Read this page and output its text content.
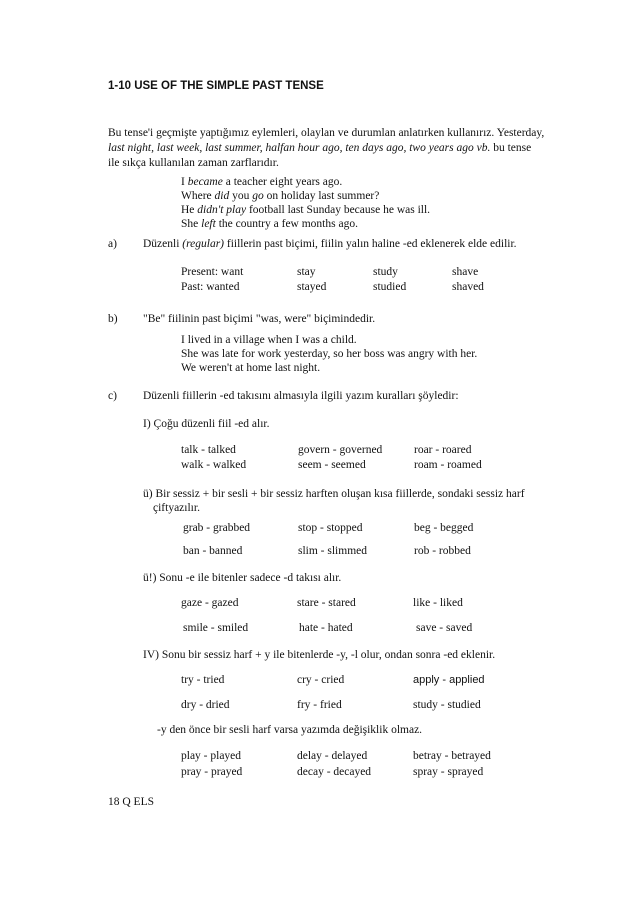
1-10 USE OF THE SIMPLE PAST TENSE
Bu tense'i geçmişte yaptığımız eylemleri, olaylan ve durumlan anlatırken kullanırız. Yesterday, last night, last week, last summer, halfan hour ago, ten days ago, two years ago vb. bu tense
ile sıkça kullanılan zaman zarflarıdır.
I became a teacher eight years ago.
Where did you go on holiday last summer?
He didn't play football last Sunday because he was ill.
She left the country a few months ago.
a) Düzenli (regular) fiillerin past biçimi, fiilin yalın haline -ed eklenerek elde edilir.
Present: want	stay	study	shave
Past: wanted	stayed	studied	shaved
b) "Be" fiilinin past biçimi "was, were" biçimindedir.
I lived in a village when I was a child.
She was late for work yesterday, so her boss was angry with her.
We weren't at home last night.
c) Düzenli fiillerin -ed takısını almasıyla ilgili yazım kuralları şöyledir:
I) Çoğu düzenli fiil -ed alır.
talk - talked	govern - governed	roar - roared
walk - walked	seem - seemed	roam - roamed
ü) Bir sessiz + bir sesli + bir sessiz harften oluşan kısa fiillerde, sondaki sessiz harf
çiftyazılır.
grab - grabbed	stop - stopped	beg - begged
ban - banned	slim - slimmed	rob - robbed
ü!) Sonu -e ile bitenler sadece -d takısı alır.
gaze - gazed	stare - stared	like - liked
smile - smiled	hate - hated	save - saved
IV) Sonu bir sessiz harf + y ile bitenlerde -y, -l olur, ondan sonra -ed eklenir.
try - tried	cry - cried	apply - applied
dry - dried	fry - fried	study - studied
-y den önce bir sesli harf varsa yazımda değişiklik olmaz.
play - played	delay - delayed	betray - betrayed
pray - prayed	decay - decayed	spray - sprayed
18 Q ELS
